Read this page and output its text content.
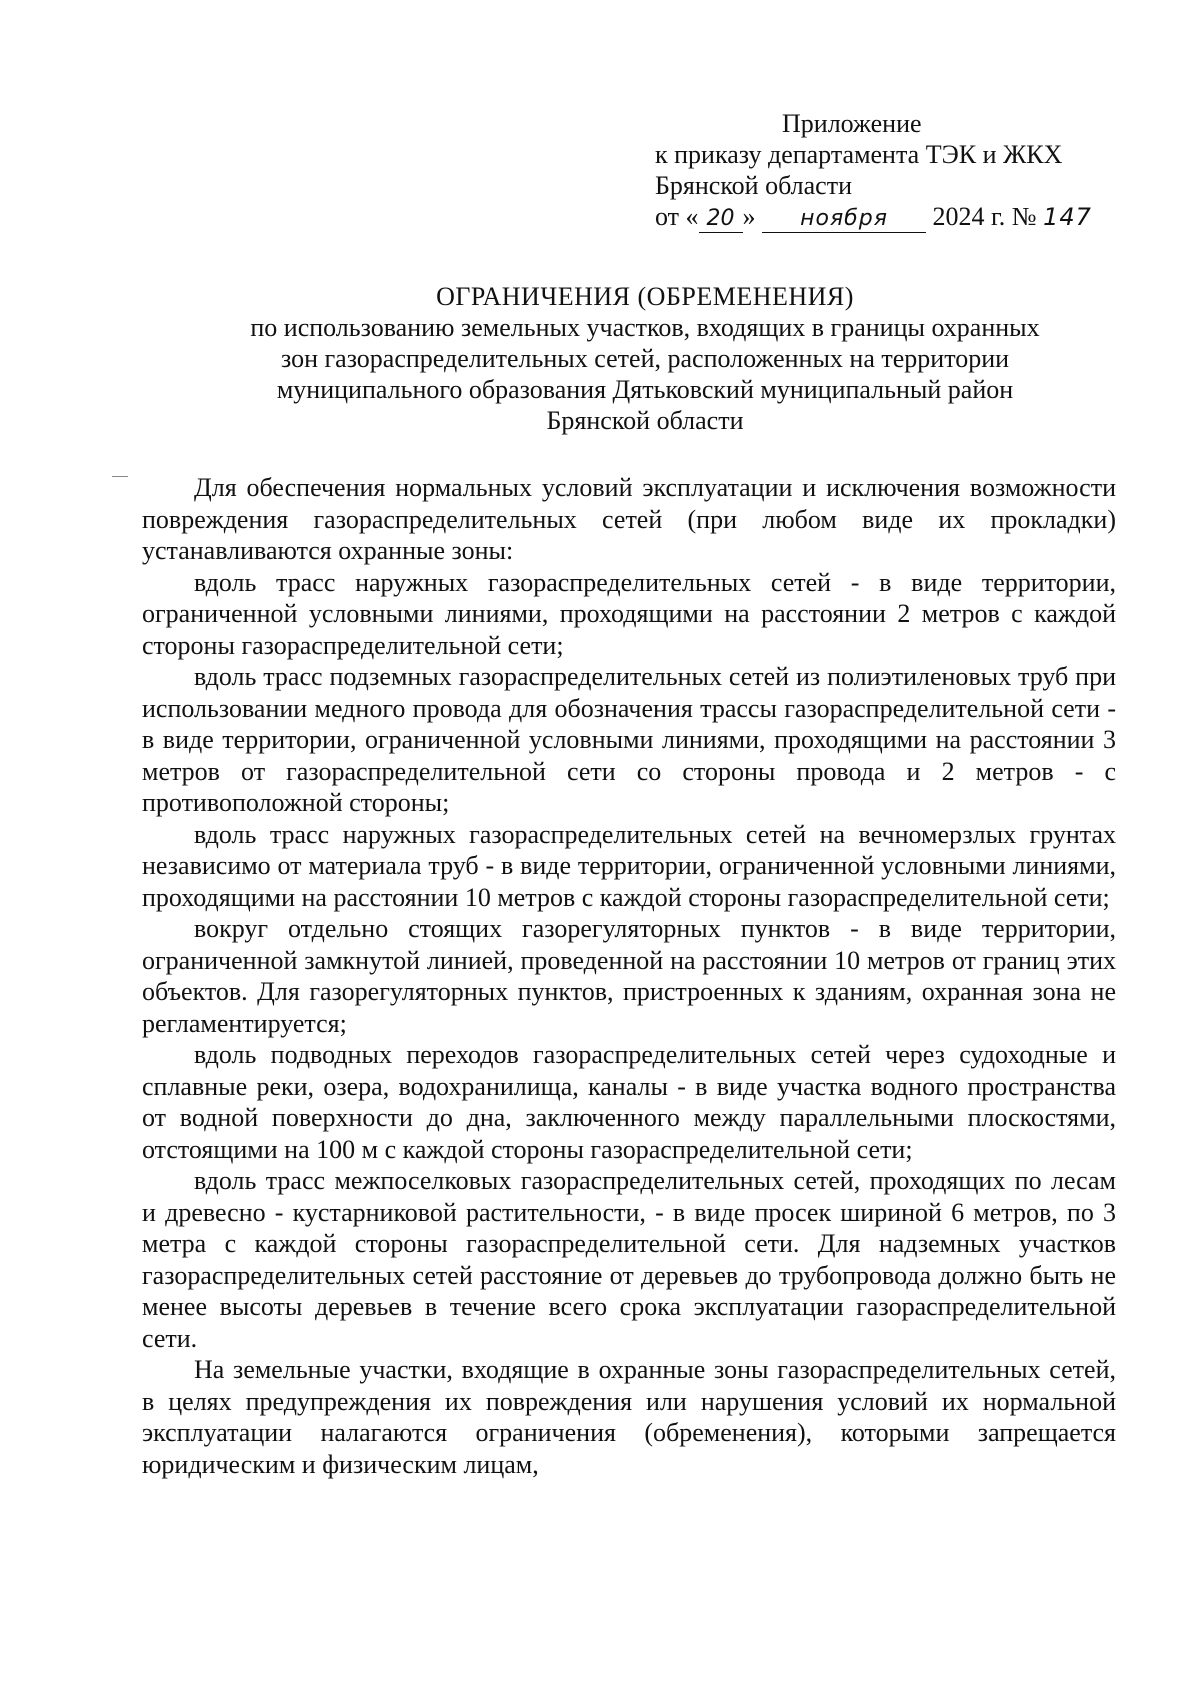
Приложение
к приказу департамента ТЭК и ЖКХ
Брянской области
от « 20 » ноября 2024 г. № 147
ОГРАНИЧЕНИЯ (ОБРЕМЕНЕНИЯ)
по использованию земельных участков, входящих в границы охранных
зон газораспределительных сетей, расположенных на территории
муниципального образования Дятьковский муниципальный район
Брянской области

Для обеспечения нормальных условий эксплуатации и исключения возможности повреждения газораспределительных сетей (при любом виде их прокладки) устанавливаются охранные зоны:

вдоль трасс наружных газораспределительных сетей - в виде территории, ограниченной условными линиями, проходящими на расстоянии 2 метров с каждой стороны газораспределительной сети;

вдоль трасс подземных газораспределительных сетей из полиэтиленовых труб при использовании медного провода для обозначения трассы газораспределительной сети - в виде территории, ограниченной условными линиями, проходящими на расстоянии 3 метров от газораспределительной сети со стороны провода и 2 метров - с противоположной стороны;

вдоль трасс наружных газораспределительных сетей на вечномерзлых грунтах независимо от материала труб - в виде территории, ограниченной условными линиями, проходящими на расстоянии 10 метров с каждой стороны газораспределительной сети;

вокруг отдельно стоящих газорегуляторных пунктов - в виде территории, ограниченной замкнутой линией, проведенной на расстоянии 10 метров от границ этих объектов. Для газорегуляторных пунктов, пристроенных к зданиям, охранная зона не регламентируется;

вдоль подводных переходов газораспределительных сетей через судоходные и сплавные реки, озера, водохранилища, каналы - в виде участка водного пространства от водной поверхности до дна, заключенного между параллельными плоскостями, отстоящими на 100 м с каждой стороны газораспределительной сети;

вдоль трасс межпоселковых газораспределительных сетей, проходящих по лесам и древесно - кустарниковой растительности, - в виде просек шириной 6 метров, по 3 метра с каждой стороны газораспределительной сети. Для надземных участков газораспределительных сетей расстояние от деревьев до трубопровода должно быть не менее высоты деревьев в течение всего срока эксплуатации газораспределительной сети.

На земельные участки, входящие в охранные зоны газораспределительных сетей, в целях предупреждения их повреждения или нарушения условий их нормальной эксплуатации налагаются ограничения (обременения), которыми запрещается юридическим и физическим лицам,
